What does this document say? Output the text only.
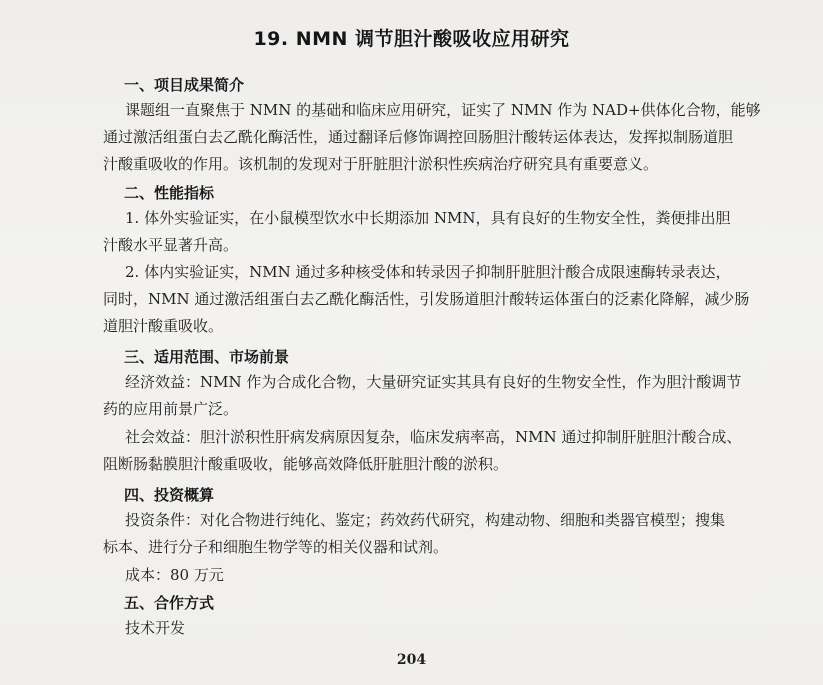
19. NMN 调节胆汁酸吸收应用研究
一、项目成果简介
课题组一直聚焦于 NMN 的基础和临床应用研究，证实了 NMN 作为 NAD+供体化合物，能够
通过激活组蛋白去乙酰化酶活性，通过翻译后修饰调控回肠胆汁酸转运体表达，发挥拟制肠道胆
汁酸重吸收的作用。该机制的发现对于肝脏胆汁淤积性疾病治疗研究具有重要意义。
二、性能指标
1. 体外实验证实，在小鼠模型饮水中长期添加 NMN，具有良好的生物安全性，粪便排出胆
汁酸水平显著升高。
2. 体内实验证实，NMN 通过多种核受体和转录因子抑制肝脏胆汁酸合成限速酶转录表达，
同时，NMN 通过激活组蛋白去乙酰化酶活性，引发肠道胆汁酸转运体蛋白的泛素化降解，减少肠
道胆汁酸重吸收。
三、适用范围、市场前景
经济效益：NMN 作为合成化合物，大量研究证实其具有良好的生物安全性，作为胆汁酸调节
药的应用前景广泛。
社会效益：胆汁淤积性肝病发病原因复杂，临床发病率高，NMN 通过抑制肝脏胆汁酸合成、
阻断肠黏膜胆汁酸重吸收，能够高效降低肝脏胆汁酸的淤积。
四、投资概算
投资条件：对化合物进行纯化、鉴定；药效药代研究，构建动物、细胞和类器官模型；搜集
标本、进行分子和细胞生物学等的相关仪器和试剂。
成本：80 万元
五、合作方式
技术开发
204
